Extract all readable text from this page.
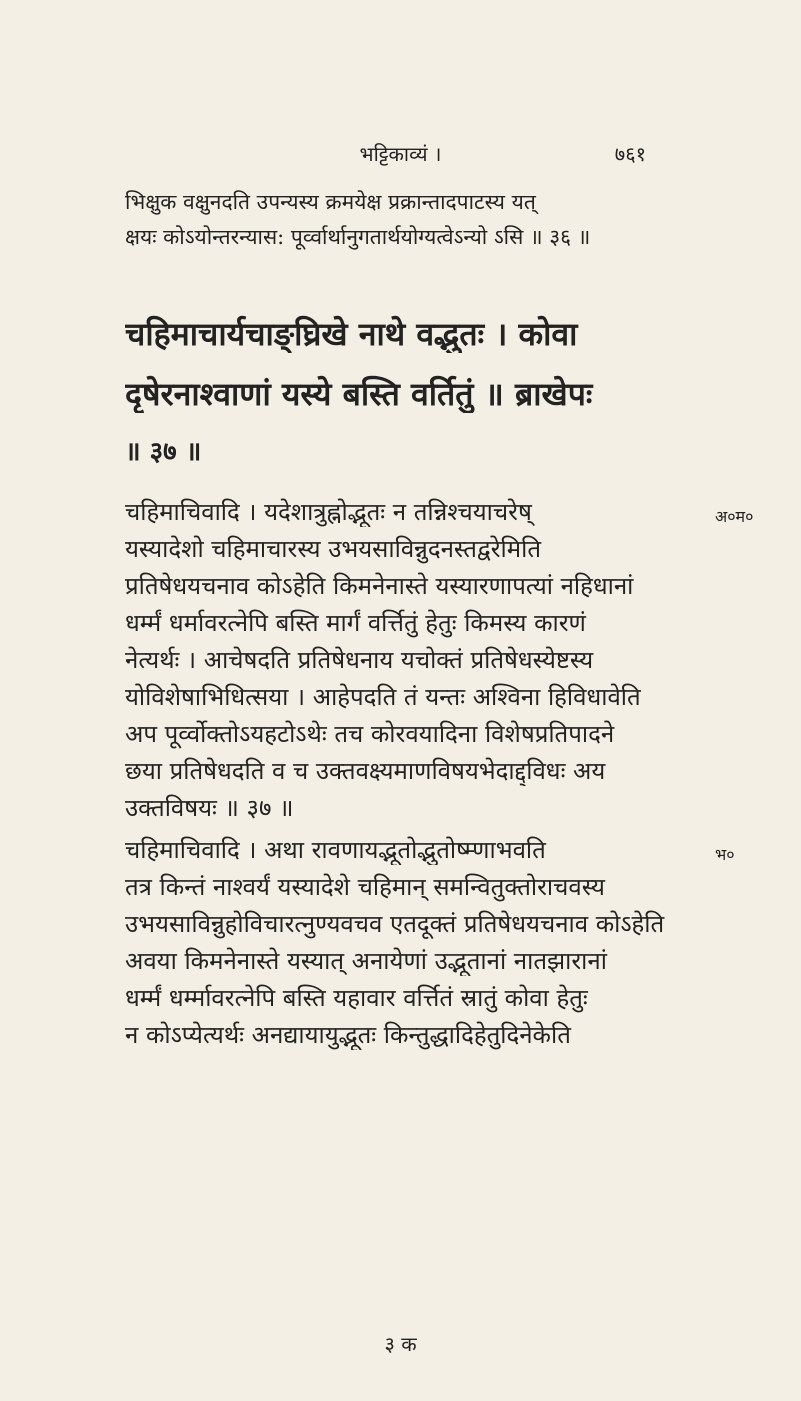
भट्टिकाव्यं ।	७६१
भिक्षुक वक्षुनदति उपन्यस्य क्रमयेक्ष प्रक्रान्तादपाटस्य यत्
क्षयः कोऽयोन्तरन्यास: पूर्व्वार्थानुगतार्थयोग्यत्वेऽन्यो ऽसि ॥ ३६ ॥
चहिमाचार्यचाङ्घ्रिखे नाथे वद्भुतः । कोवा
दृषेरनाश्वाणां यस्ये बस्ति वर्तितुं ॥ ब्राखेपः
॥ ३७ ॥
चहिमाचिवादि । यदेशात्रुह्नोद्भूतः न तन्निश्चयाचरेष्
यस्यादेशो चहिमाचारस्य उभयसाविन्नुदनस्तद्वरेमिति
प्रतिषेधयचनाव कोऽहेति किमनेनास्ते यस्यारणापत्यां नहिधानां
धर्म्मं धर्मावरत्नेपि बस्ति मार्गं वर्त्तितुं हेतुः किमस्य कारणं
नेत्यर्थः । आचेषदति प्रतिषेधनाय यचोक्तं प्रतिषेधस्येष्टस्य
योविशेषाभिधित्सया । आहेपदति तं यन्तः अश्विना हिविधावेति
अप पूर्व्वोक्तोऽयहटोऽथेः तच कोरवयादिना विशेषप्रतिपादने
छया प्रतिषेधदति व च उक्तवक्ष्यमाणविषयभेदाद्द्विधः अय
उक्तविषयः ॥ ३७ ॥
चहिमाचिवादि । अथा रावणायद्भूतोद्भुतोष्म्णाभवति
तत्र किन्तं नाश्वर्यं यस्यादेशे चहिमान् समन्वितुक्तोराचवस्य
उभयसाविन्नुहोविचारत्नुण्यवचव एतदूक्तं प्रतिषेधयचनाव कोऽहेति
अवया किमनेनास्ते यस्यात् अनायेणां उद्भूतानां नातझारानां
धर्म्मं धर्म्मावरत्नेपि बस्ति यहावार वर्त्तितं स्रातुं कोवा हेतुः
न कोऽप्येत्यर्थः अनद्यायायुद्भूतः किन्तुद्धादिहेतुदिनेकेति
अ०म०
भ०
३ क
